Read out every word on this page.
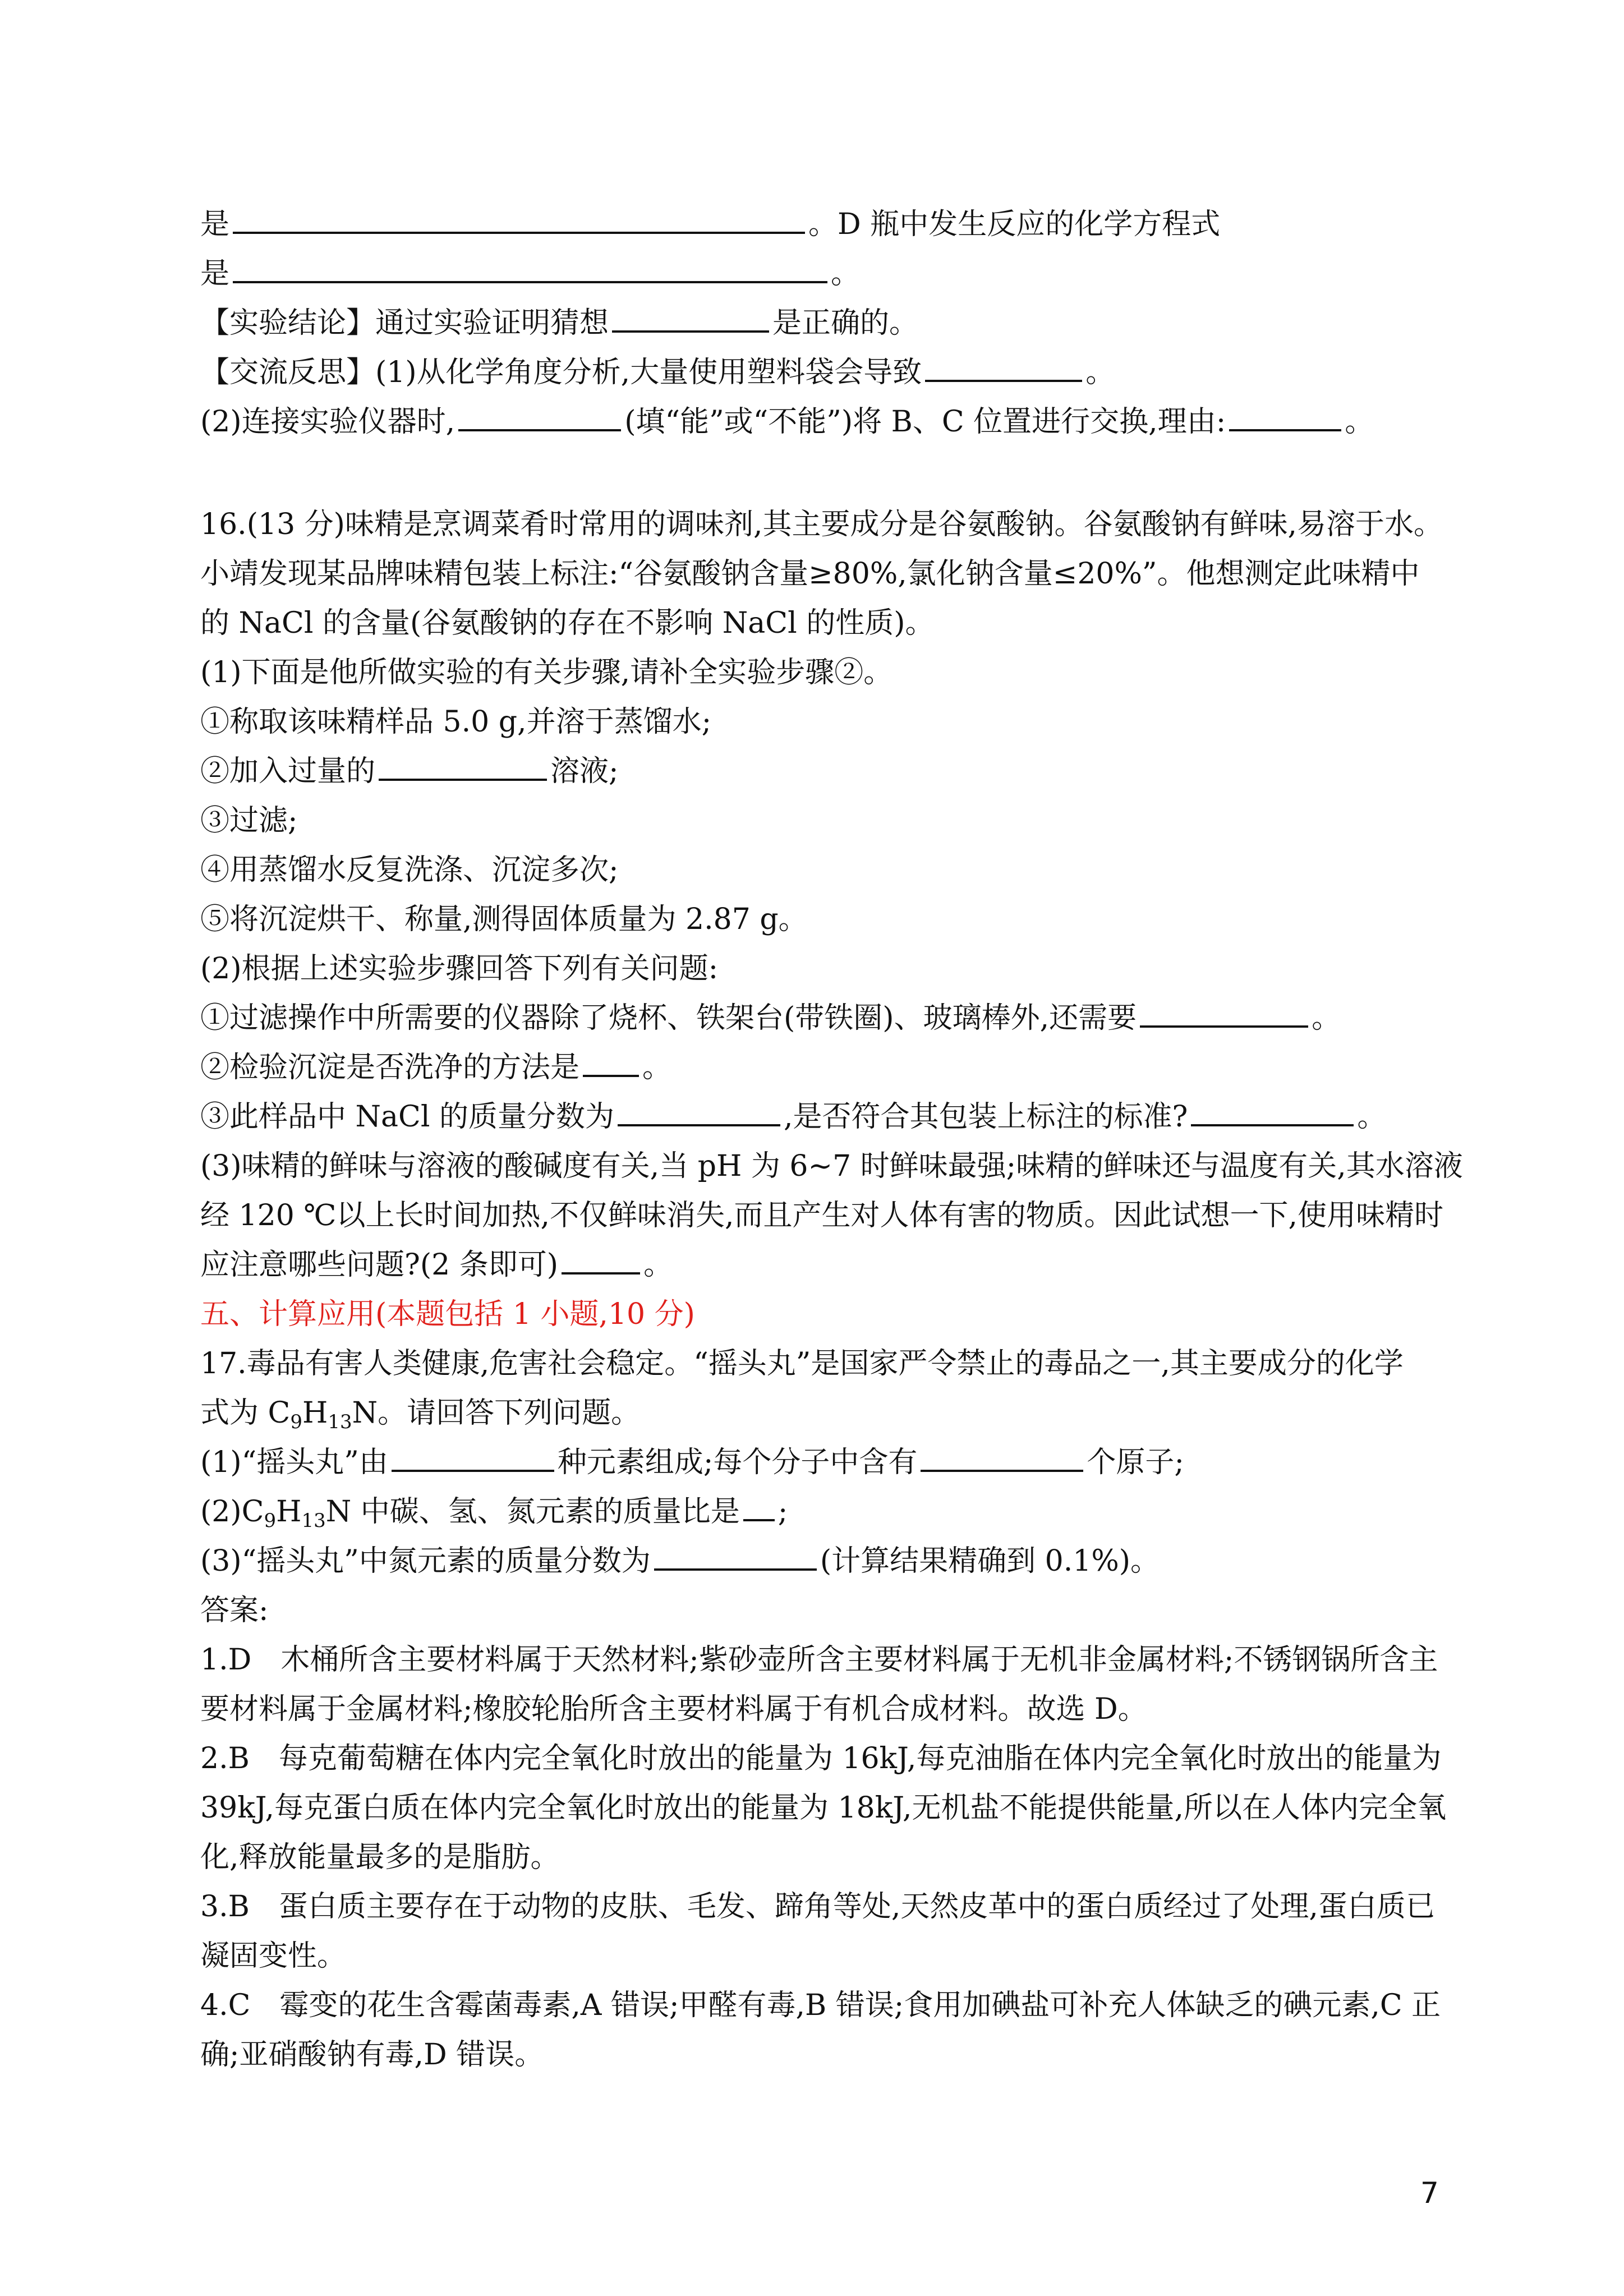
是	。D 瓶中发生反应的化学方程式
是	。
【实验结论】通过实验证明猜想	是正确的。
【交流反思】(1)从化学角度分析,大量使用塑料袋会导致	。
(2)连接实验仪器时,	(填“能”或“不能”)将 B、C 位置进行交换,理由:	。
16.(13 分)味精是烹调菜肴时常用的调味剂,其主要成分是谷氨酸钠。谷氨酸钠有鲜味,易溶于水。
小靖发现某品牌味精包装上标注:“谷氨酸钠含量≥80%,氯化钠含量≤20%”。他想测定此味精中
的 NaCl 的含量(谷氨酸钠的存在不影响 NaCl 的性质)。
(1)下面是他所做实验的有关步骤,请补全实验步骤②。
①称取该味精样品 5.0 g,并溶于蒸馏水;
②加入过量的	溶液;
③过滤;
④用蒸馏水反复洗涤、沉淀多次;
⑤将沉淀烘干、称量,测得固体质量为 2.87 g。
(2)根据上述实验步骤回答下列有关问题:
①过滤操作中所需要的仪器除了烧杯、铁架台(带铁圈)、玻璃棒外,还需要	。
②检验沉淀是否洗净的方法是 。
③此样品中 NaCl 的质量分数为	,是否符合其包装上标注的标准?	。
(3)味精的鲜味与溶液的酸碱度有关,当 pH 为 6~7 时鲜味最强;味精的鲜味还与温度有关,其水溶液
经 120 ℃以上长时间加热,不仅鲜味消失,而且产生对人体有害的物质。因此试想一下,使用味精时
应注意哪些问题?(2 条即可)	。
五、计算应用(本题包括 1 小题,10 分)
17.毒品有害人类健康,危害社会稳定。“摇头丸”是国家严令禁止的毒品之一,其主要成分的化学
式为 $C_9H_{13}N$。请回答下列问题。
(1)“摇头丸”由	种元素组成;每个分子中含有	个原子;
$(2)C_9H_{13}N$ 中碳、氢、氮元素的质量比是 ;
(3)“摇头丸”中氮元素的质量分数为	(计算结果精确到 0.1%)。
答案:
1.D　木桶所含主要材料属于天然材料;紫砂壶所含主要材料属于无机非金属材料;不锈钢锅所含主
要材料属于金属材料;橡胶轮胎所含主要材料属于有机合成材料。故选 D。
2.B　每克葡萄糖在体内完全氧化时放出的能量为 16kJ,每克油脂在体内完全氧化时放出的能量为
39kJ,每克蛋白质在体内完全氧化时放出的能量为 18kJ,无机盐不能提供能量,所以在人体内完全氧
化,释放能量最多的是脂肪。
3.B　蛋白质主要存在于动物的皮肤、毛发、蹄角等处,天然皮革中的蛋白质经过了处理,蛋白质已
凝固变性。
4.C　霉变的花生含霉菌毒素,A 错误;甲醛有毒,B 错误;食用加碘盐可补充人体缺乏的碘元素,C 正
确;亚硝酸钠有毒,D 错误。
7
